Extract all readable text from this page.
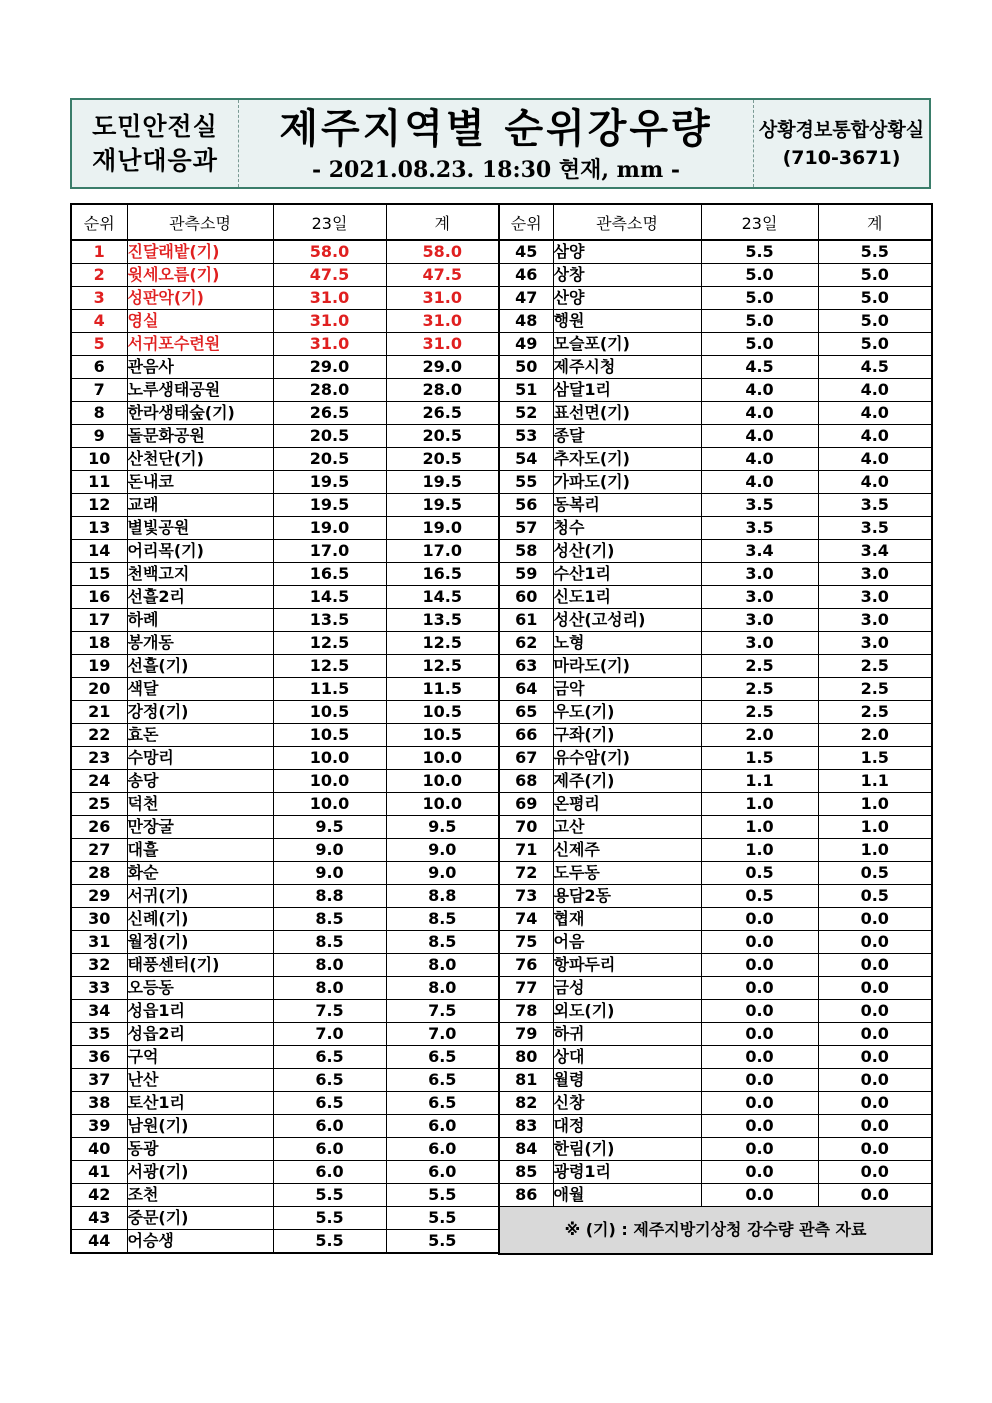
도민안전실
재난대응과
제주지역별 순위강우량
- 2021.08.23. 18:30 현재, mm -
상황경보통합상황실
(710-3671)
순위	관측소명	23일	계
1	진달래밭(기)	58.0	58.0
2	윗세오름(기)	47.5	47.5
3	성판악(기)	31.0	31.0
4	영실	31.0	31.0
5	서귀포수련원	31.0	31.0
6	관음사	29.0	29.0
7	노루생태공원	28.0	28.0
8	한라생태숲(기)	26.5	26.5
9	돌문화공원	20.5	20.5
10	산천단(기)	20.5	20.5
11	돈내코	19.5	19.5
12	교래	19.5	19.5
13	별빛공원	19.0	19.0
14	어리목(기)	17.0	17.0
15	천백고지	16.5	16.5
16	선흘2리	14.5	14.5
17	하례	13.5	13.5
18	봉개동	12.5	12.5
19	선흘(기)	12.5	12.5
20	색달	11.5	11.5
21	강정(기)	10.5	10.5
22	효돈	10.5	10.5
23	수망리	10.0	10.0
24	송당	10.0	10.0
25	덕천	10.0	10.0
26	만장굴	9.5	9.5
27	대흘	9.0	9.0
28	화순	9.0	9.0
29	서귀(기)	8.8	8.8
30	신례(기)	8.5	8.5
31	월정(기)	8.5	8.5
32	태풍센터(기)	8.0	8.0
33	오등동	8.0	8.0
34	성읍1리	7.5	7.5
35	성읍2리	7.0	7.0
36	구억	6.5	6.5
37	난산	6.5	6.5
38	토산1리	6.5	6.5
39	남원(기)	6.0	6.0
40	동광	6.0	6.0
41	서광(기)	6.0	6.0
42	조천	5.5	5.5
43	중문(기)	5.5	5.5
44	어승생	5.5	5.5
순위	관측소명	23일	계
45	삼양	5.5	5.5
46	상창	5.0	5.0
47	산양	5.0	5.0
48	행원	5.0	5.0
49	모슬포(기)	5.0	5.0
50	제주시청	4.5	4.5
51	삼달1리	4.0	4.0
52	표선면(기)	4.0	4.0
53	종달	4.0	4.0
54	추자도(기)	4.0	4.0
55	가파도(기)	4.0	4.0
56	동복리	3.5	3.5
57	청수	3.5	3.5
58	성산(기)	3.4	3.4
59	수산1리	3.0	3.0
60	신도1리	3.0	3.0
61	성산(고성리)	3.0	3.0
62	노형	3.0	3.0
63	마라도(기)	2.5	2.5
64	금악	2.5	2.5
65	우도(기)	2.5	2.5
66	구좌(기)	2.0	2.0
67	유수암(기)	1.5	1.5
68	제주(기)	1.1	1.1
69	온평리	1.0	1.0
70	고산	1.0	1.0
71	신제주	1.0	1.0
72	도두동	0.5	0.5
73	용담2동	0.5	0.5
74	협재	0.0	0.0
75	어음	0.0	0.0
76	항파두리	0.0	0.0
77	금성	0.0	0.0
78	외도(기)	0.0	0.0
79	하귀	0.0	0.0
80	상대	0.0	0.0
81	월령	0.0	0.0
82	신창	0.0	0.0
83	대정	0.0	0.0
84	한림(기)	0.0	0.0
85	광령1리	0.0	0.0
86	애월	0.0	0.0
※ (기) : 제주지방기상청 강수량 관측 자료			
